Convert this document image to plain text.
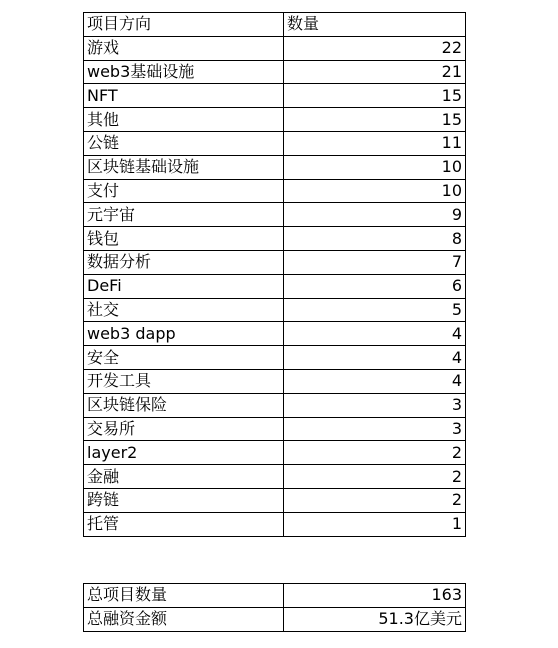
项目方向	数量
游戏	22
web3基础设施	21
NFT	15
其他	15
公链	11
区块链基础设施	10
支付	10
元宇宙	9
钱包	8
数据分析	7
DeFi	6
社交	5
web3 dapp	4
安全	4
开发工具	4
区块链保险	3
交易所	3
layer2	2
金融	2
跨链	2
托管	1
总项目数量	163
总融资金额	51.3亿美元
